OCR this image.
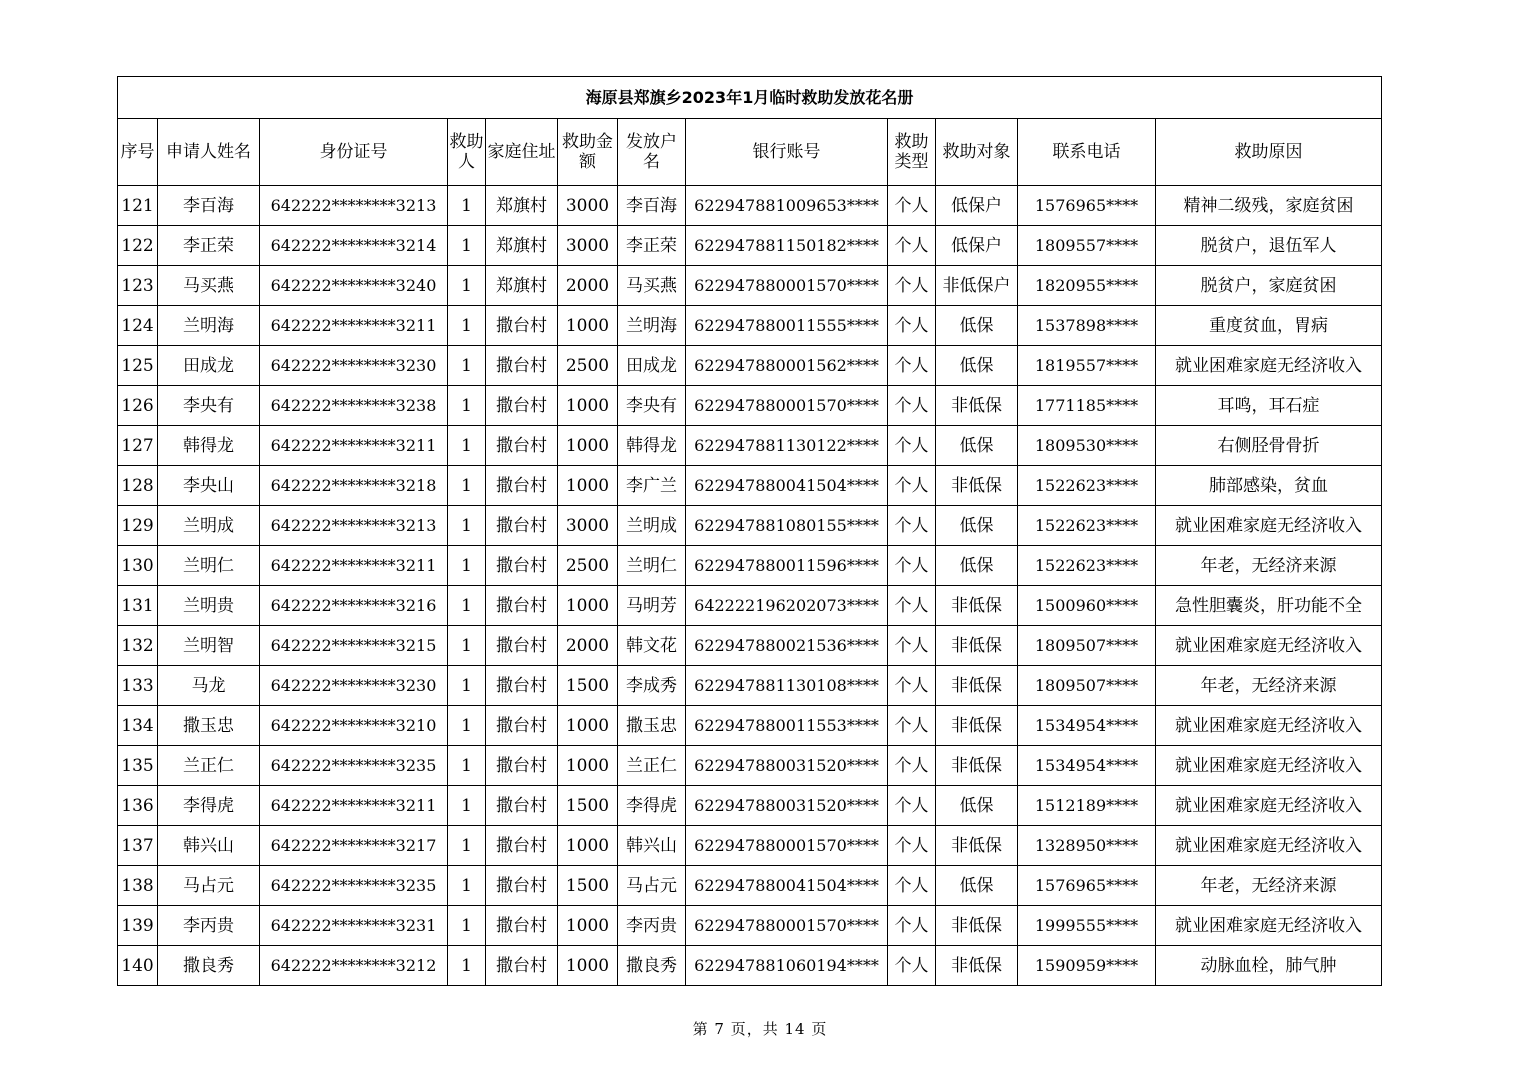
海原县郑旗乡2023年1月临时救助发放花名册											
序号	申请人姓名	身份证号	救助人	家庭住址	救助金额	发放户名	银行账号	救助类型	救助对象	联系电话	救助原因
121	李百海	642222********3213	1	郑旗村	3000	李百海	622947881009653****	个人	低保户	1576965****	精神二级残，家庭贫困
122	李正荣	642222********3214	1	郑旗村	3000	李正荣	622947881150182****	个人	低保户	1809557****	脱贫户，退伍军人
123	马买燕	642222********3240	1	郑旗村	2000	马买燕	622947880001570****	个人	非低保户	1820955****	脱贫户，家庭贫困
124	兰明海	642222********3211	1	撒台村	1000	兰明海	622947880011555****	个人	低保	1537898****	重度贫血，胃病
125	田成龙	642222********3230	1	撒台村	2500	田成龙	622947880001562****	个人	低保	1819557****	就业困难家庭无经济收入
126	李央有	642222********3238	1	撒台村	1000	李央有	622947880001570****	个人	非低保	1771185****	耳鸣，耳石症
127	韩得龙	642222********3211	1	撒台村	1000	韩得龙	622947881130122****	个人	低保	1809530****	右侧胫骨骨折
128	李央山	642222********3218	1	撒台村	1000	李广兰	622947880041504****	个人	非低保	1522623****	肺部感染，贫血
129	兰明成	642222********3213	1	撒台村	3000	兰明成	622947881080155****	个人	低保	1522623****	就业困难家庭无经济收入
130	兰明仁	642222********3211	1	撒台村	2500	兰明仁	622947880011596****	个人	低保	1522623****	年老，无经济来源
131	兰明贵	642222********3216	1	撒台村	1000	马明芳	642222196202073****	个人	非低保	1500960****	急性胆囊炎，肝功能不全
132	兰明智	642222********3215	1	撒台村	2000	韩文花	622947880021536****	个人	非低保	1809507****	就业困难家庭无经济收入
133	马龙	642222********3230	1	撒台村	1500	李成秀	622947881130108****	个人	非低保	1809507****	年老，无经济来源
134	撒玉忠	642222********3210	1	撒台村	1000	撒玉忠	622947880011553****	个人	非低保	1534954****	就业困难家庭无经济收入
135	兰正仁	642222********3235	1	撒台村	1000	兰正仁	622947880031520****	个人	非低保	1534954****	就业困难家庭无经济收入
136	李得虎	642222********3211	1	撒台村	1500	李得虎	622947880031520****	个人	低保	1512189****	就业困难家庭无经济收入
137	韩兴山	642222********3217	1	撒台村	1000	韩兴山	622947880001570****	个人	非低保	1328950****	就业困难家庭无经济收入
138	马占元	642222********3235	1	撒台村	1500	马占元	622947880041504****	个人	低保	1576965****	年老，无经济来源
139	李丙贵	642222********3231	1	撒台村	1000	李丙贵	622947880001570****	个人	非低保	1999555****	就业困难家庭无经济收入
140	撒良秀	642222********3212	1	撒台村	1000	撒良秀	622947881060194****	个人	非低保	1590959****	动脉血栓，肺气肿
第 7 页，共 14 页
